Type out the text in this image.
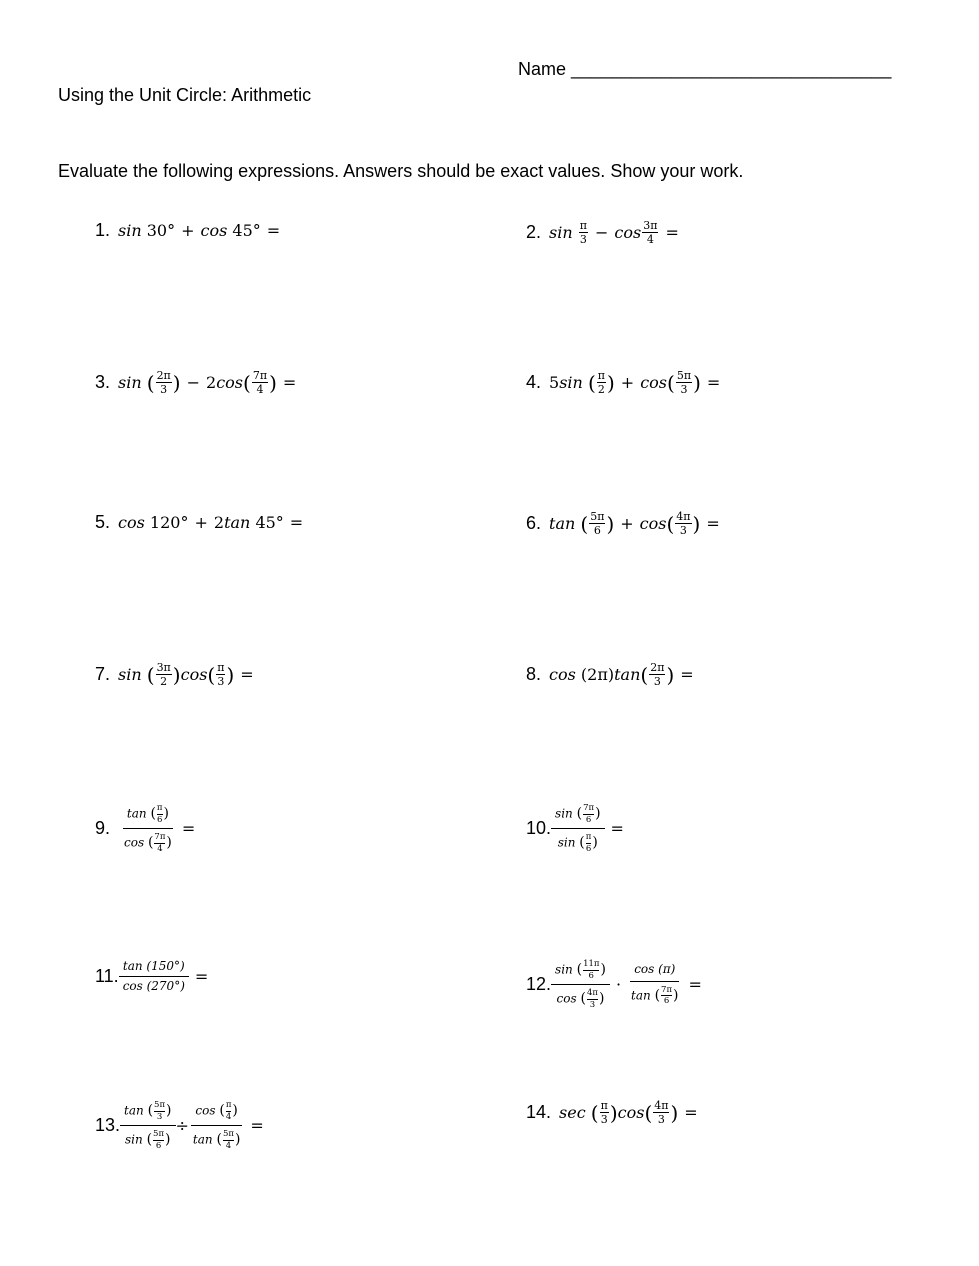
Name ________________________________
Using the Unit Circle: Arithmetic
Evaluate the following expressions. Answers should be exact values. Show your work.
1. sin
30° + cos
45° =	2. sin
π
$3 - \cos \frac{3\pi}{4}$ =
3. sin
( 2π
3 ) − 2 cos ( 7π
4 ) =	4. 5 sin
( π
2 ) + cos ( 5π
3 ) =
5. cos
120° + 2 tan
45° =	6. tan
( 5π
6 ) + cos ( 4π
3 ) =
7. sin
( 3π
2 ) cos ( π
3 ) =	8. cos
(2π) tan ( 2π
3 ) =
9. $\frac{\tan ( \frac{\pi}{6} )}{\cos ( \frac{7\pi}{4} )}$ =	10. $\frac{\sin ( \frac{7\pi}{6} )}{\sin ( \frac{\pi}{6} )}$ =
11. $\frac{\tan (150^\circ)}{\cos (270^\circ)}$ =	12.
sin ( $\frac{11\pi}{6}$ )
cos ( $\frac{4\pi}{3}$ )
· $\frac{\cos (\pi)}{\tan ( \frac{7\pi}{6} )}$ =
13. $\frac{\tan ( \frac{5\pi}{3} )}{\sin ( \frac{5\pi}{6} )} \div \frac{\cos ( \frac{\pi}{4} )}{\tan ( \frac{5\pi}{4} )}$ =
14. sec
( π
3 ) cos ( 4π
3 ) =
